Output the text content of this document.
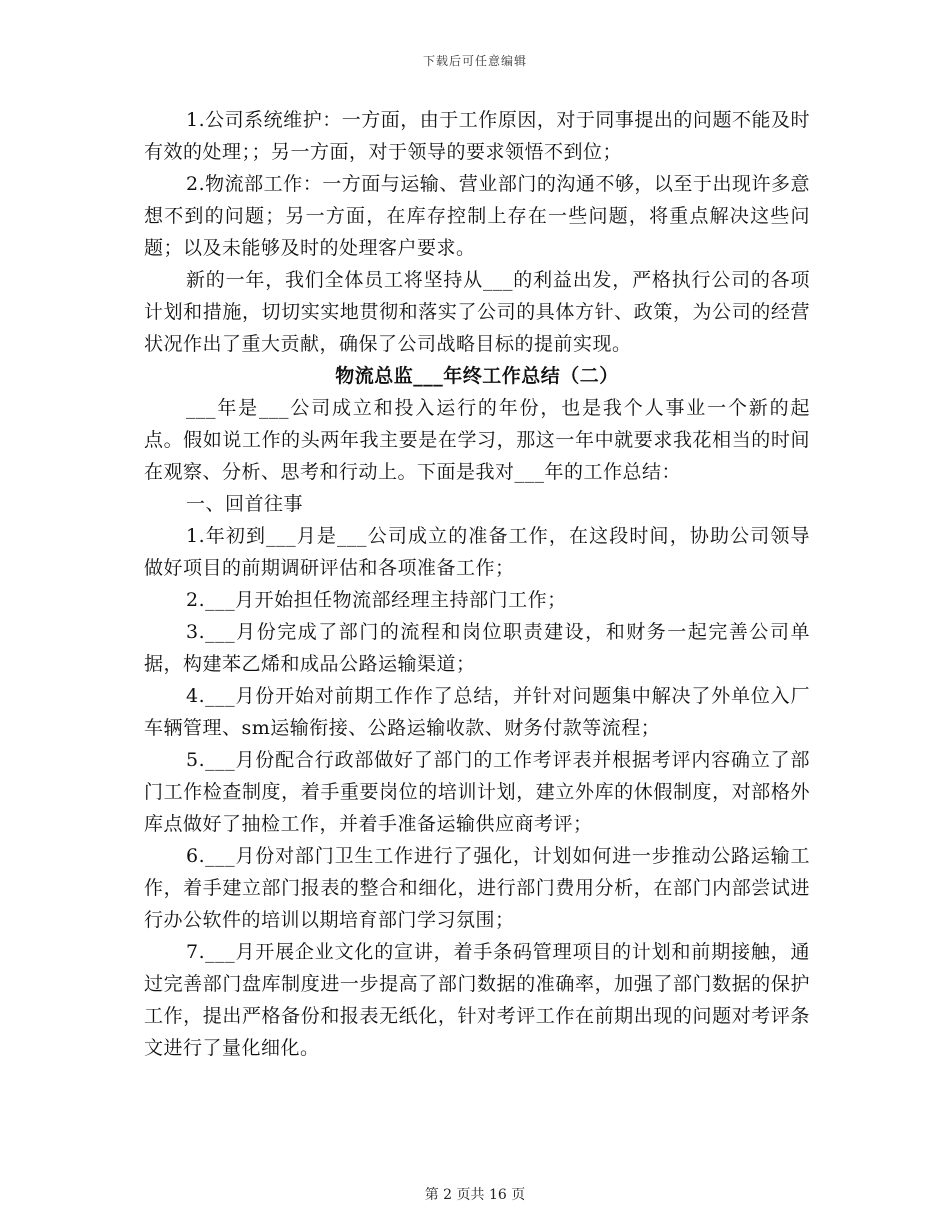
下载后可任意编辑

1.公司系统维护：一方面，由于工作原因，对于同事提出的问题不能及时有效的处理；；另一方面，对于领导的要求领悟不到位；

2.物流部工作：一方面与运输、营业部门的沟通不够，以至于出现许多意想不到的问题；另一方面，在库存控制上存在一些问题，将重点解决这些问题；以及未能够及时的处理客户要求。

新的一年，我们全体员工将坚持从___的利益出发，严格执行公司的各项计划和措施，切切实实地贯彻和落实了公司的具体方针、政策，为公司的经营状况作出了重大贡献，确保了公司战略目标的提前实现。

物流总监___年终工作总结（二）

___年是___公司成立和投入运行的年份，也是我个人事业一个新的起点。假如说工作的头两年我主要是在学习，那这一年中就要求我花相当的时间在观察、分析、思考和行动上。下面是我对___年的工作总结：

一、回首往事

1.年初到___月是___公司成立的准备工作，在这段时间，协助公司领导做好项目的前期调研评估和各项准备工作；

2.___月开始担任物流部经理主持部门工作；

3.___月份完成了部门的流程和岗位职责建设，和财务一起完善公司单据，构建苯乙烯和成品公路运输渠道；

4.___月份开始对前期工作作了总结，并针对问题集中解决了外单位入厂车辆管理、sm运输衔接、公路运输收款、财务付款等流程；

5.___月份配合行政部做好了部门的工作考评表并根据考评内容确立了部门工作检查制度，着手重要岗位的培训计划，建立外库的休假制度，对部格外库点做好了抽检工作，并着手准备运输供应商考评；

6.___月份对部门卫生工作进行了强化，计划如何进一步推动公路运输工作，着手建立部门报表的整合和细化，进行部门费用分析，在部门内部尝试进行办公软件的培训以期培育部门学习氛围；

7.___月开展企业文化的宣讲，着手条码管理项目的计划和前期接触，通过完善部门盘库制度进一步提高了部门数据的准确率，加强了部门数据的保护工作，提出严格备份和报表无纸化，针对考评工作在前期出现的问题对考评条文进行了量化细化。

第 2 页共 16 页
